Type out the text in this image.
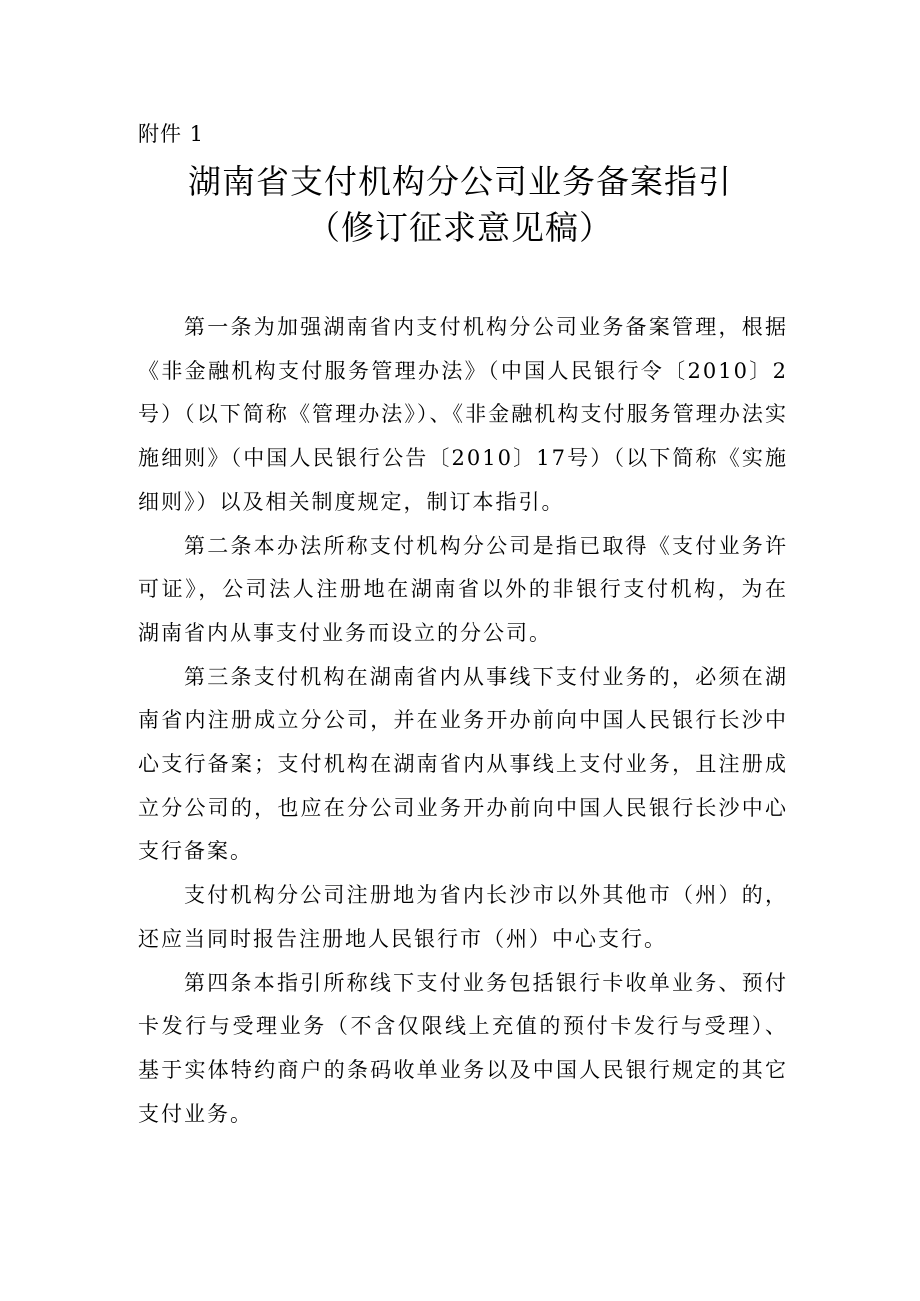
附件 1
湖南省支付机构分公司业务备案指引
（修订征求意见稿）

第一条为加强湖南省内支付机构分公司业务备案管理，根据《非金融机构支付服务管理办法》（中国人民银行令〔2010〕2号）（以下简称《管理办法》）、《非金融机构支付服务管理办法实施细则》（中国人民银行公告〔2010〕17号）（以下简称《实施细则》）以及相关制度规定，制订本指引。

第二条本办法所称支付机构分公司是指已取得《支付业务许可证》，公司法人注册地在湖南省以外的非银行支付机构，为在湖南省内从事支付业务而设立的分公司。

第三条支付机构在湖南省内从事线下支付业务的，必须在湖南省内注册成立分公司，并在业务开办前向中国人民银行长沙中心支行备案；支付机构在湖南省内从事线上支付业务，且注册成立分公司的，也应在分公司业务开办前向中国人民银行长沙中心支行备案。

支付机构分公司注册地为省内长沙市以外其他市（州）的，还应当同时报告注册地人民银行市（州）中心支行。

第四条本指引所称线下支付业务包括银行卡收单业务、预付卡发行与受理业务（不含仅限线上充值的预付卡发行与受理）、基于实体特约商户的条码收单业务以及中国人民银行规定的其它支付业务。
